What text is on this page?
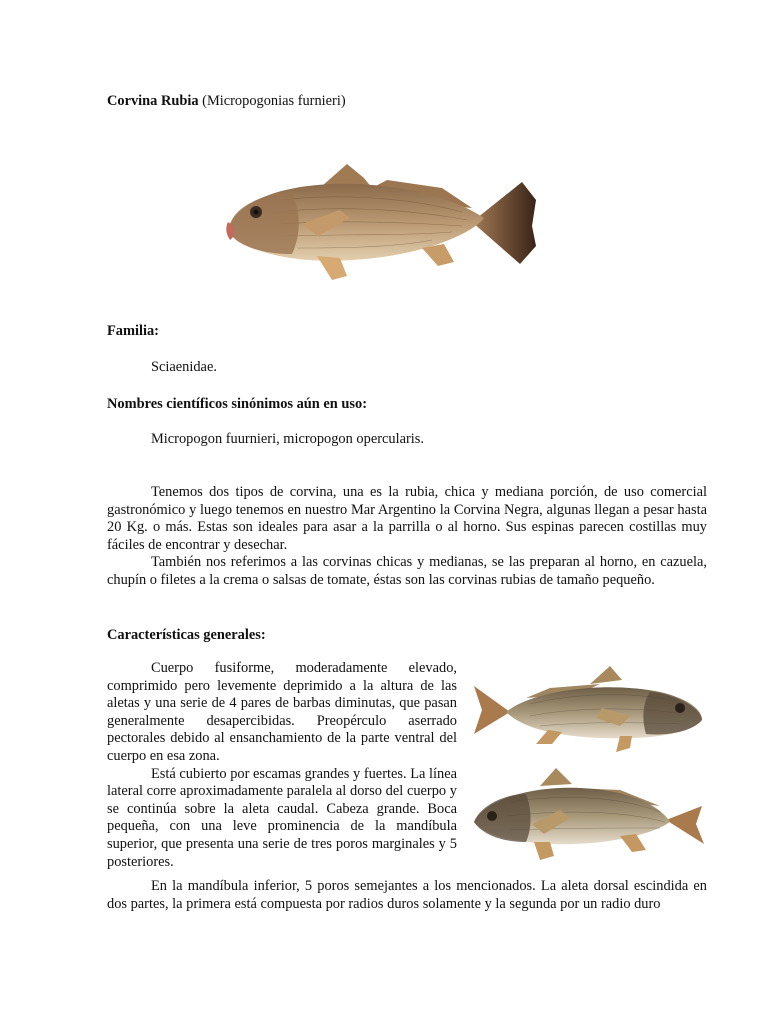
Corvina Rubia (Micropogonias furnieri)
Familia:
Sciaenidae.
Nombres científicos sinónimos aún en uso:
Micropogon fuurnieri, micropogon opercularis.

Tenemos dos tipos de corvina, una es la rubia, chica y mediana porción, de uso comercial gastronómico y luego tenemos en nuestro Mar Argentino la Corvina Negra, algunas llegan a pesar hasta 20 Kg. o más. Estas son ideales para asar a la parrilla o al horno. Sus espinas parecen costillas muy fáciles de encontrar y desechar.

También nos referimos a las corvinas chicas y medianas, se las preparan al horno, en cazuela, chupín o filetes a la crema o salsas de tomate, éstas son las corvinas rubias de tamaño pequeño.

Características generales:

Cuerpo fusiforme, moderadamente elevado, comprimido pero levemente deprimido a la altura de las aletas y una serie de 4 pares de barbas diminutas, que pasan generalmente desapercibidas. Preopérculo aserrado pectorales debido al ensanchamiento de la parte ventral del cuerpo en esa zona.

Está cubierto por escamas grandes y fuertes. La línea lateral corre aproximadamente paralela al dorso del cuerpo y se continúa sobre la aleta caudal. Cabeza grande. Boca pequeña, con una leve prominencia de la mandíbula superior, que presenta una serie de tres poros marginales y 5 posteriores.

En la mandíbula inferior, 5 poros semejantes a los mencionados. La aleta dorsal escindida en dos partes, la primera está compuesta por radios duros solamente y la segunda por un radio duro
